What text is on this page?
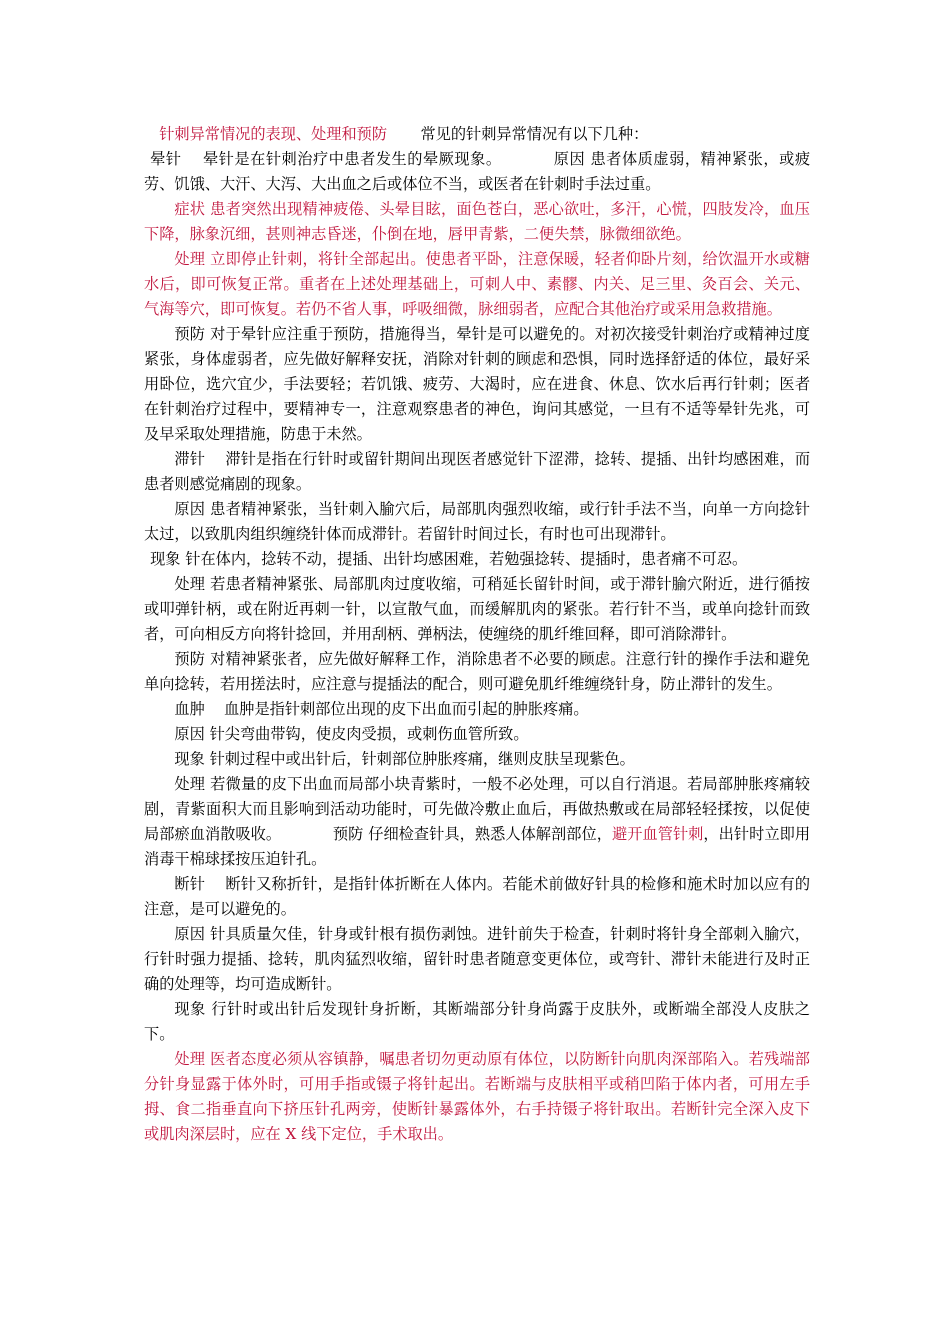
针刺异常情况的表现、处理和预防 常见的针刺异常情况有以下几种：

晕针 晕针是在针刺治疗中患者发生的晕厥现象。	原因 患者体质虚弱，精神紧张，或疲劳、饥饿、大汗、大泻、大出血之后或体位不当，或医者在针刺时手法过重。

症状 患者突然出现精神疲倦、头晕目眩，面色苍白，恶心欲吐，多汗，心慌，四肢发冷，血压下降，脉象沉细，甚则神志昏迷，仆倒在地，唇甲青紫，二便失禁，脉微细欲绝。

处理 立即停止针刺，将针全部起出。使患者平卧，注意保暖，轻者仰卧片刻，给饮温开水或糖水后，即可恢复正常。重者在上述处理基础上，可刺人中、素髎、内关、足三里、灸百会、关元、气海等穴，即可恢复。若仍不省人事，呼吸细微，脉细弱者，应配合其他治疗或采用急救措施。

预防 对于晕针应注重于预防，措施得当，晕针是可以避免的。对初次接受针刺治疗或精神过度紧张，身体虚弱者，应先做好解释安抚，消除对针刺的顾虑和恐惧，同时选择舒适的体位，最好采用卧位，选穴宜少，手法要轻；若饥饿、疲劳、大渴时，应在进食、休息、饮水后再行针刺；医者在针刺治疗过程中，要精神专一，注意观察患者的神色，询问其感觉，一旦有不适等晕针先兆，可及早采取处理措施，防患于未然。

滞针 滞针是指在行针时或留针期间出现医者感觉针下涩滞，捻转、提插、出针均感困难，而患者则感觉痛剧的现象。

原因 患者精神紧张，当针刺入腧穴后，局部肌肉强烈收缩，或行针手法不当，向单一方向捻针太过，以致肌肉组织缠绕针体而成滞针。若留针时间过长，有时也可出现滞针。

现象 针在体内，捻转不动，提插、出针均感困难，若勉强捻转、提插时，患者痛不可忍。

处理 若患者精神紧张、局部肌肉过度收缩，可稍延长留针时间，或于滞针腧穴附近，进行循按或叩弹针柄，或在附近再刺一针，以宣散气血，而缓解肌肉的紧张。若行针不当，或单向捻针而致者，可向相反方向将针捻回，并用刮柄、弹柄法，使缠绕的肌纤维回释，即可消除滞针。

预防 对精神紧张者，应先做好解释工作，消除患者不必要的顾虑。注意行针的操作手法和避免单向捻转，若用搓法时，应注意与提插法的配合，则可避免肌纤维缠绕针身，防止滞针的发生。

血肿 血肿是指针刺部位出现的皮下出血而引起的肿胀疼痛。

原因 针尖弯曲带钩，使皮肉受损，或刺伤血管所致。

现象 针刺过程中或出针后，针刺部位肿胀疼痛，继则皮肤呈现紫色。

处理 若微量的皮下出血而局部小块青紫时，一般不必处理，可以自行消退。若局部肿胀疼痛较剧，青紫面积大而且影响到活动功能时，可先做冷敷止血后，再做热敷或在局部轻轻揉按，以促使局部瘀血消散吸收。	预防 仔细检查针具，熟悉人体解剖部位，避开血管针刺，出针时立即用消毒干棉球揉按压迫针孔。

断针 断针又称折针，是指针体折断在人体内。若能术前做好针具的检修和施术时加以应有的注意，是可以避免的。

原因 针具质量欠佳，针身或针根有损伤剥蚀。进针前失于检查，针刺时将针身全部刺入腧穴，行针时强力提插、捻转，肌肉猛烈收缩，留针时患者随意变更体位，或弯针、滞针未能进行及时正确的处理等，均可造成断针。

现象 行针时或出针后发现针身折断，其断端部分针身尚露于皮肤外，或断端全部没人皮肤之下。

处理 医者态度必须从容镇静，嘱患者切勿更动原有体位，以防断针向肌肉深部陷入。若残端部分针身显露于体外时，可用手指或镊子将针起出。若断端与皮肤相平或稍凹陷于体内者，可用左手拇、食二指垂直向下挤压针孔两旁，使断针暴露体外，右手持镊子将针取出。若断针完全深入皮下或肌肉深层时，应在 X 线下定位，手术取出。
